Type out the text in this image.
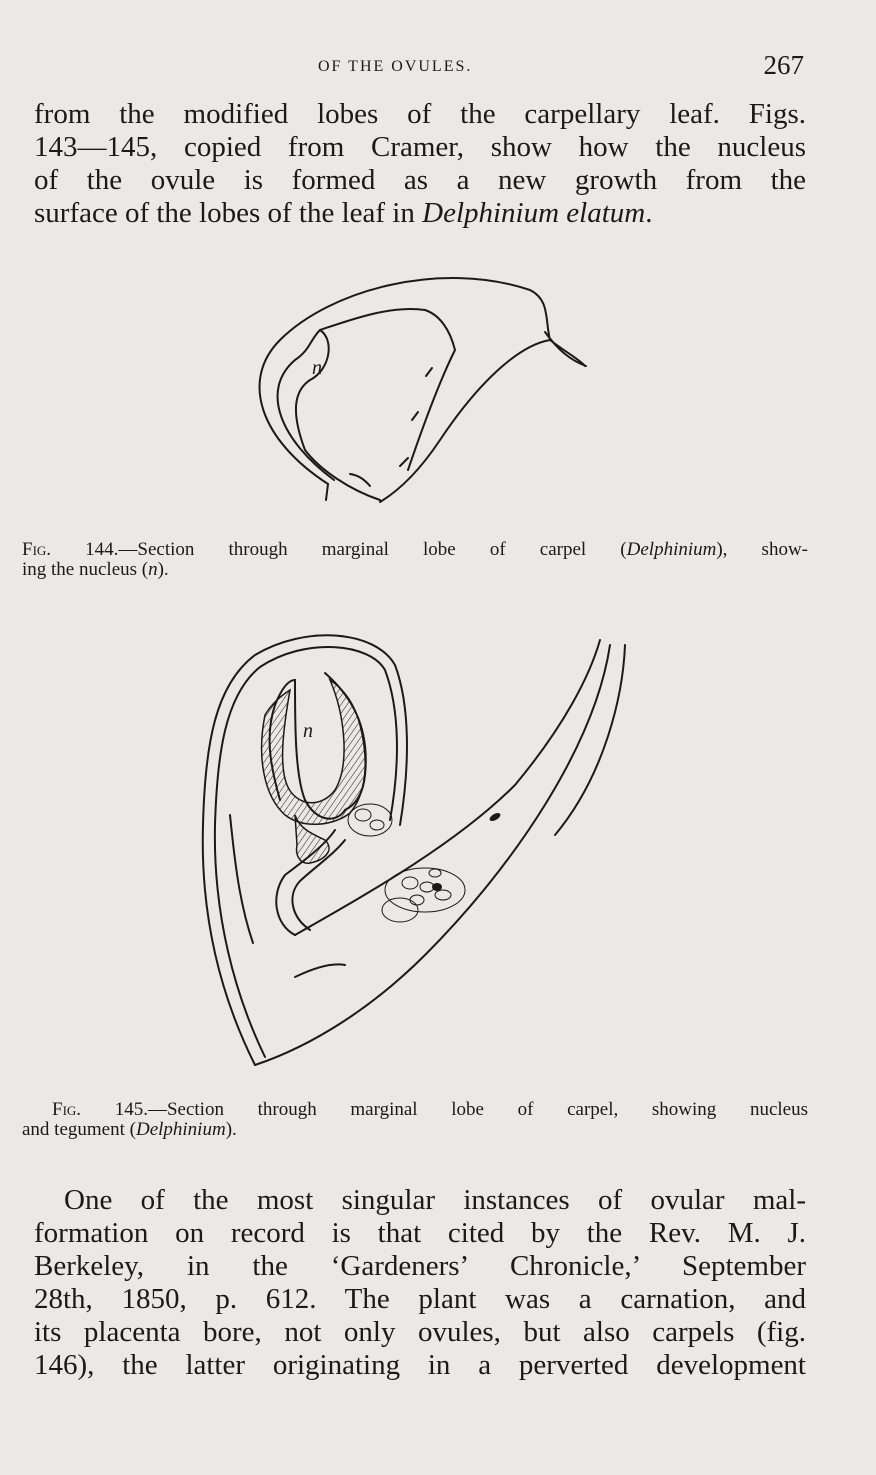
OF THE OVULES.	267
from the modified lobes of the carpellary leaf. Figs.
143—145, copied from Cramer, show how the nucleus
of the ovule is formed as a new growth from the
surface of the lobes of the leaf in Delphinium elatum.
n
Fig. 144.—Section through marginal lobe of carpel (Delphinium), show-
ing the nucleus (n).
n
Fig. 145.—Section through marginal lobe of carpel, showing nucleus
and tegument (Delphinium).
One of the most singular instances of ovular mal-
formation on record is that cited by the Rev. M. J.
Berkeley, in the ‘Gardeners’ Chronicle,’ September
28th, 1850, p. 612. The plant was a carnation, and
its placenta bore, not only ovules, but also carpels (fig.
146), the latter originating in a perverted development
